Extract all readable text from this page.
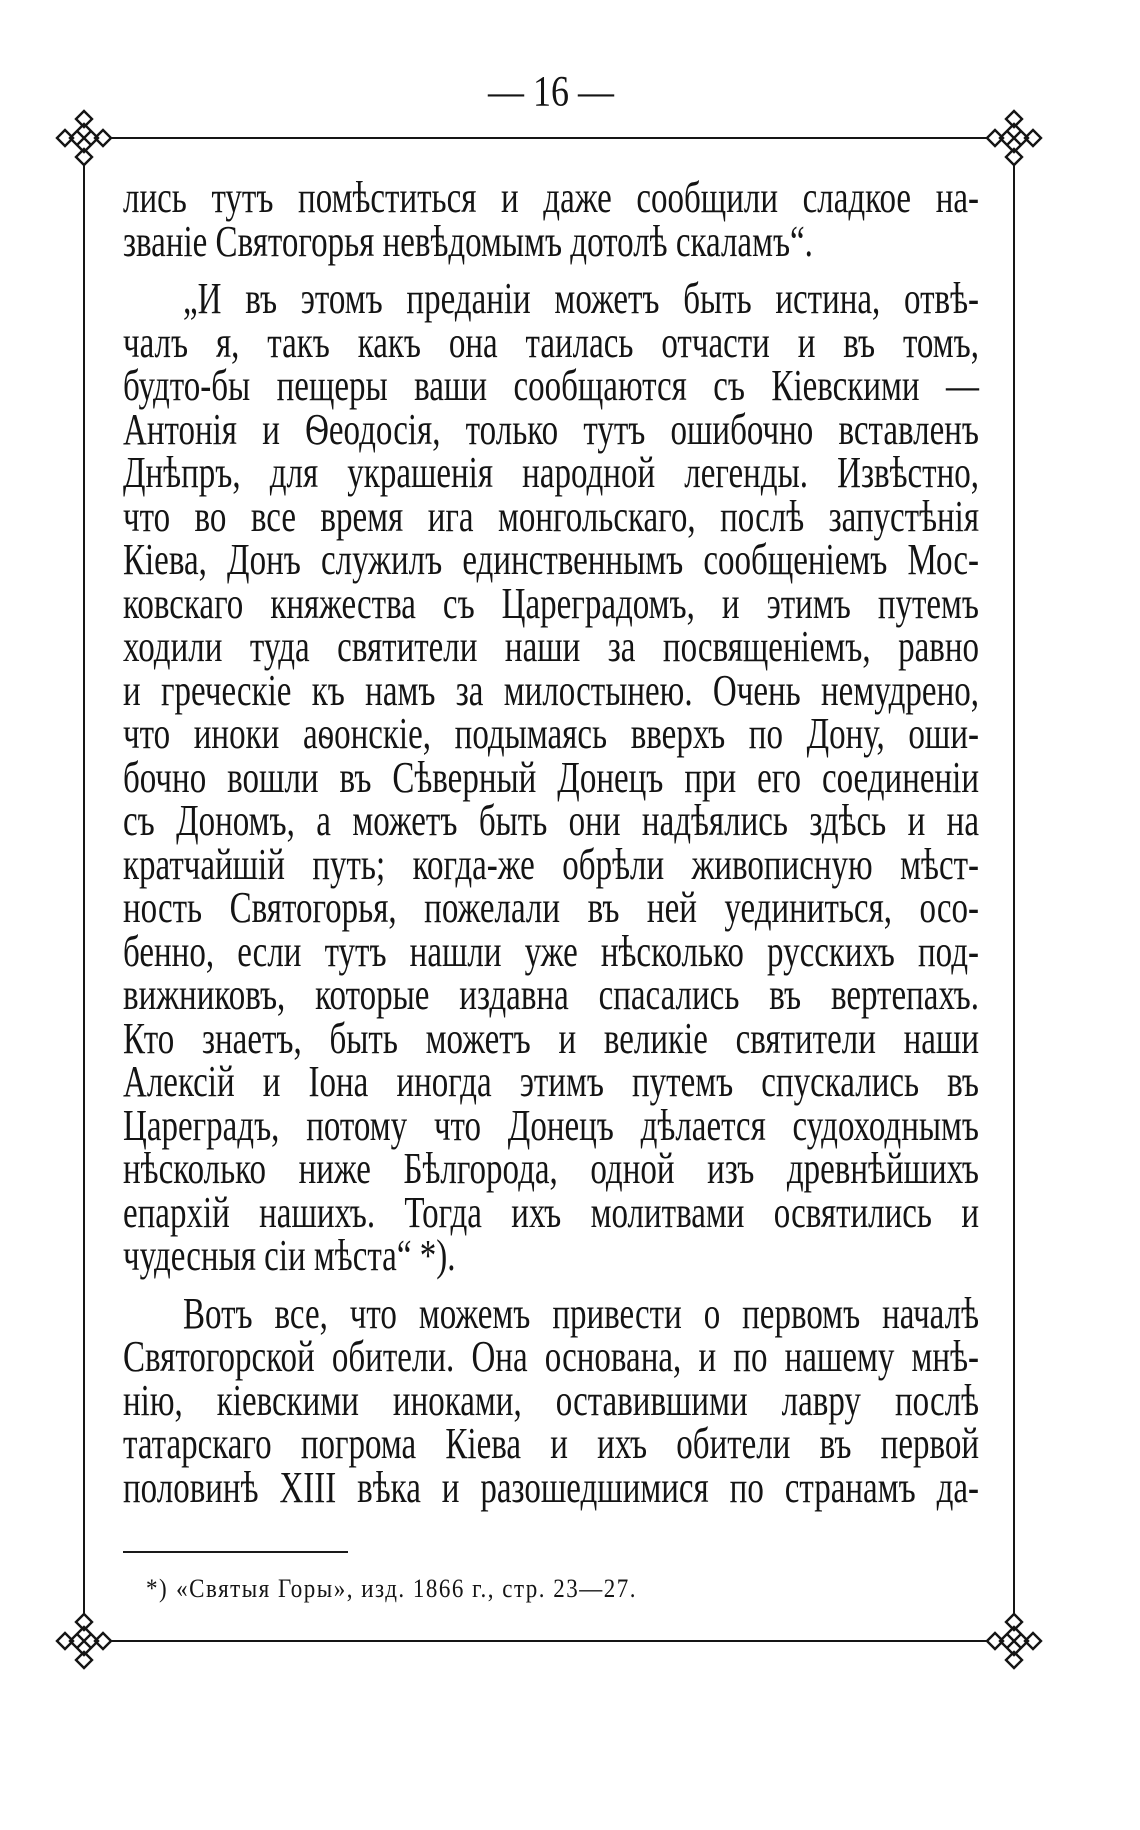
— 16 —
лись тутъ помѣститься и даже сообщили сладкое на-
званіе Святогорья невѣдомымъ дотолѣ скаламъ“.
„И въ этомъ преданіи можетъ быть истина, отвѣ-
чалъ я, такъ какъ она таилась отчасти и въ томъ,
будто-бы пещеры ваши сообщаются съ Кіевскими —
Антонія и Ѳеодосія, только тутъ ошибочно вставленъ
Днѣпръ, для украшенія народной легенды. Извѣстно,
что во все время ига монгольскаго, послѣ запустѣнія
Кіева, Донъ служилъ единственнымъ сообщеніемъ Мос-
ковскаго княжества съ Цареградомъ, и этимъ путемъ
ходили туда святители наши за посвященіемъ, равно
и греческіе къ намъ за милостынею. Очень немудрено,
что иноки аѳонскіе, подымаясь вверхъ по Дону, оши-
бочно вошли въ Сѣверный Донецъ при его соединеніи
съ Дономъ, а можетъ быть они надѣялись здѣсь и на
кратчайшій путь; когда-же обрѣли живописную мѣст-
ность Святогорья, пожелали въ ней уединиться, осо-
бенно, если тутъ нашли уже нѣсколько русскихъ под-
вижниковъ, которые издавна спасались въ вертепахъ.
Кто знаетъ, быть можетъ и великіе святители наши
Алексій и Іона иногда этимъ путемъ спускались въ
Цареградъ, потому что Донецъ дѣлается судоходнымъ
нѣсколько ниже Бѣлгорода, одной изъ древнѣйшихъ
епархій нашихъ. Тогда ихъ молитвами освятились и
чудесныя сіи мѣста“ *).
Вотъ все, что можемъ привести о первомъ началѣ
Святогорской обители. Она основана, и по нашему мнѣ-
нію, кіевскими иноками, оставившими лавру послѣ
татарскаго погрома Кіева и ихъ обители въ первой
половинѣ XIII вѣка и разошедшимися по странамъ да-
*) «Святыя Горы», изд. 1866 г., стр. 23—27.
